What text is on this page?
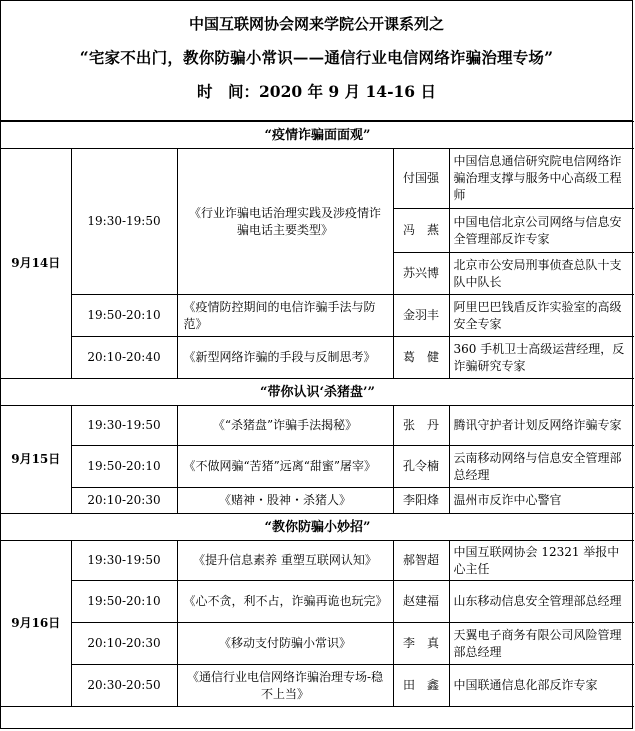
中国互联网协会网来学院公开课系列之
“宅家不出门，教你防骗小常识——通信行业电信网络诈骗治理专场”
时　间：2020 年 9 月 14-16 日
“疫情诈骗面面观”				
9月14日	19:30-19:50	《行业诈骗电话治理实践及涉疫情诈骗电话主要类型》	付国强	中国信息通信研究院电信网络诈骗治理支撑与服务中心高级工程师
			冯　燕	中国电信北京公司网络与信息安全管理部反诈专家
			苏兴博	北京市公安局刑事侦查总队十支队中队长
	19:50-20:10	《疫情防控期间的电信诈骗手法与防范》	金羽丰	阿里巴巴钱盾反诈实验室的高级安全专家
	20:10-20:40	《新型网络诈骗的手段与反制思考》	葛　健	360 手机卫士高级运营经理，反诈骗研究专家
“带你认识‘杀猪盘’”				
9月15日	19:30-19:50	《“杀猪盘”诈骗手法揭秘》	张　丹	腾讯守护者计划反网络诈骗专家
	19:50-20:10	《不做网骗“苦猪”远离“甜蜜”屠宰》	孔令楠	云南移动网络与信息安全管理部总经理
	20:10-20:30	《赌神・股神・杀猪人》	李阳烽	温州市反诈中心警官
“教你防骗小妙招”				
9月16日	19:30-19:50	《提升信息素养 重塑互联网认知》	郝智超	中国互联网协会 12321 举报中心主任
	19:50-20:10	《心不贪，利不占，诈骗再诡也玩完》	赵建福	山东移动信息安全管理部总经理
	20:10-20:30	《移动支付防骗小常识》	李　真	天翼电子商务有限公司风险管理部总经理
	20:30-20:50	《通信行业电信网络诈骗治理专场-稳不上当》	田　鑫	中国联通信息化部反诈专家
